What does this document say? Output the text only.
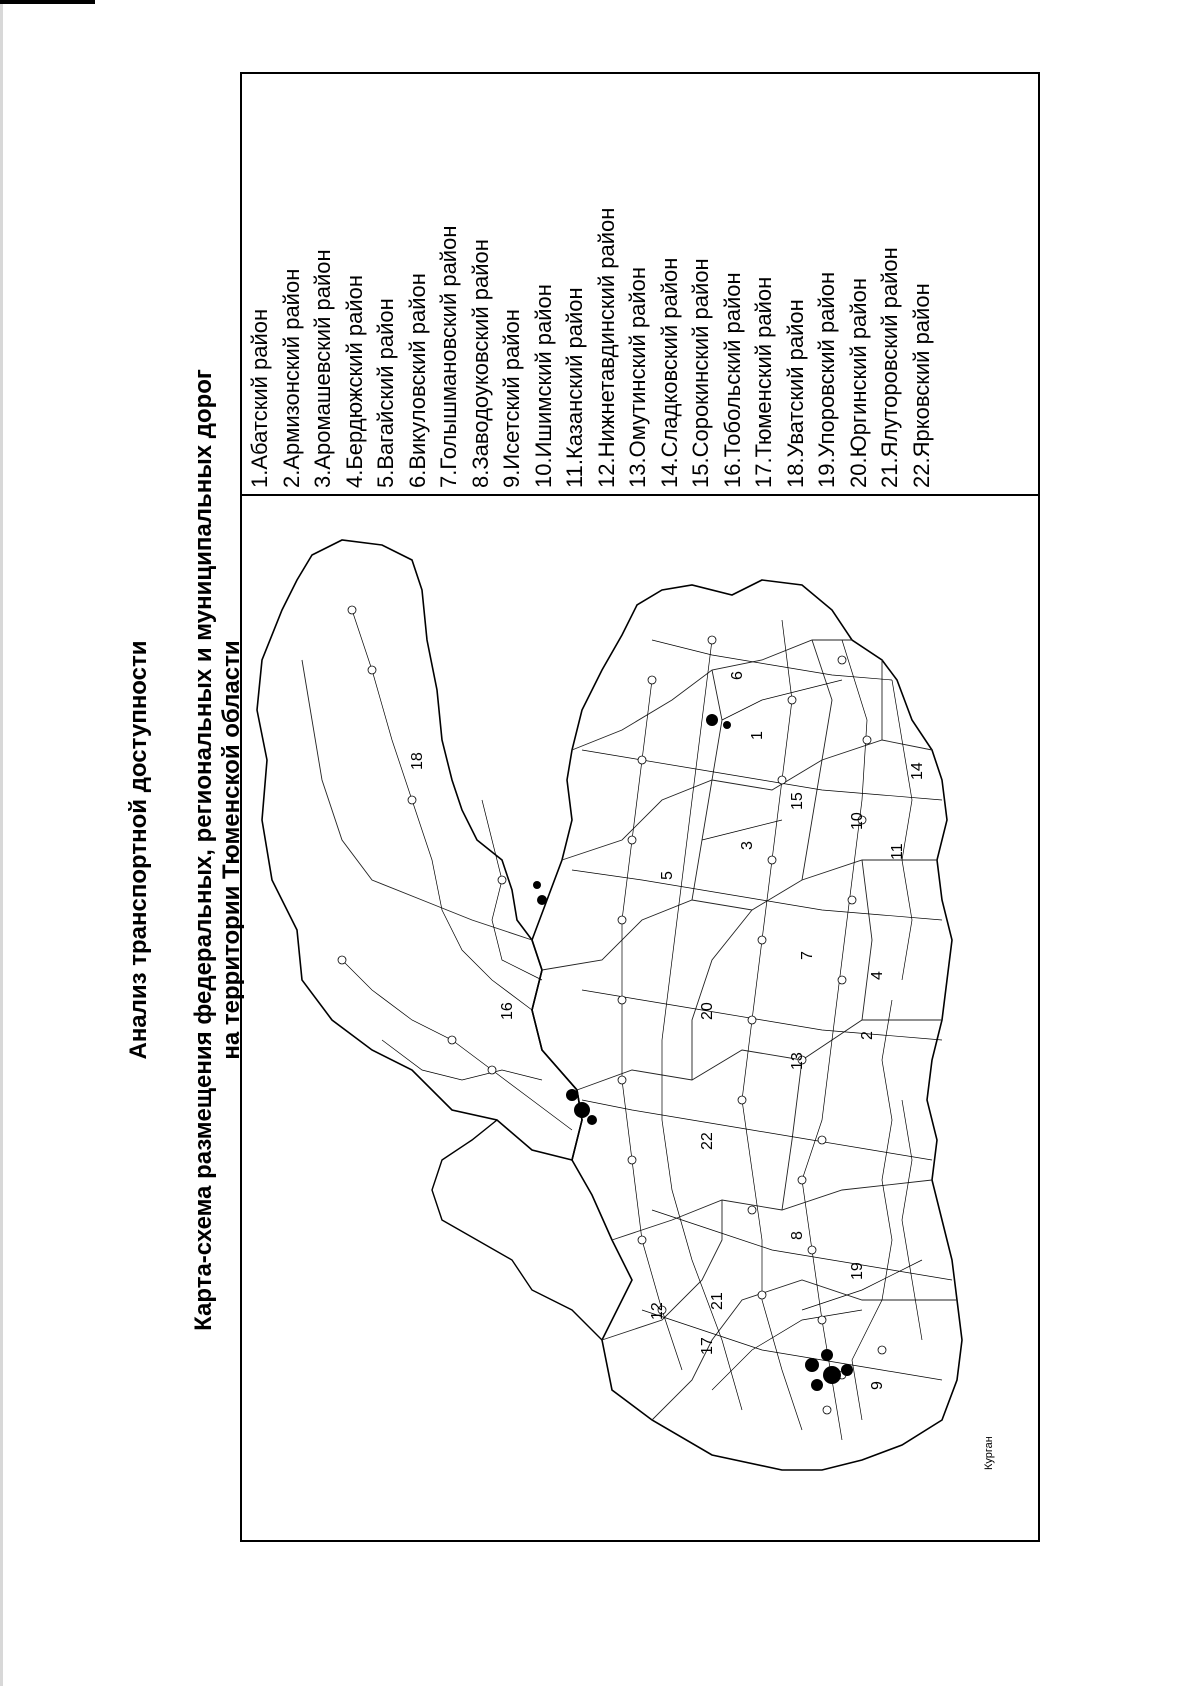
Анализ транспортной доступности Карта-схема размещения федеральных, региональных и муниципальных дорог на территории Тюменской области	1
2
3
4
5
6
7
8
9
10
11
12
13
14
15
16
17
18
19
20
21
22
Курган
1.Абатский район 2.Армизонский район 3.Аромашевский район 4.Бердюжский район 5.Вагайский район 6.Викуловский район 7.Голышмановский район 8.Заводоуковский район 9.Исетский район 10.Ишимский район 11.Казанский район 12.Нижнетавдинский район 13.Омутинский район 14.Сладковский район 15.Сорокинский район 16.Тобольский район 17.Тюменский район 18.Уватский район 19.Упоровский район 20.Юргинский район 21.Ялуторовский район 22.Ярковский район
